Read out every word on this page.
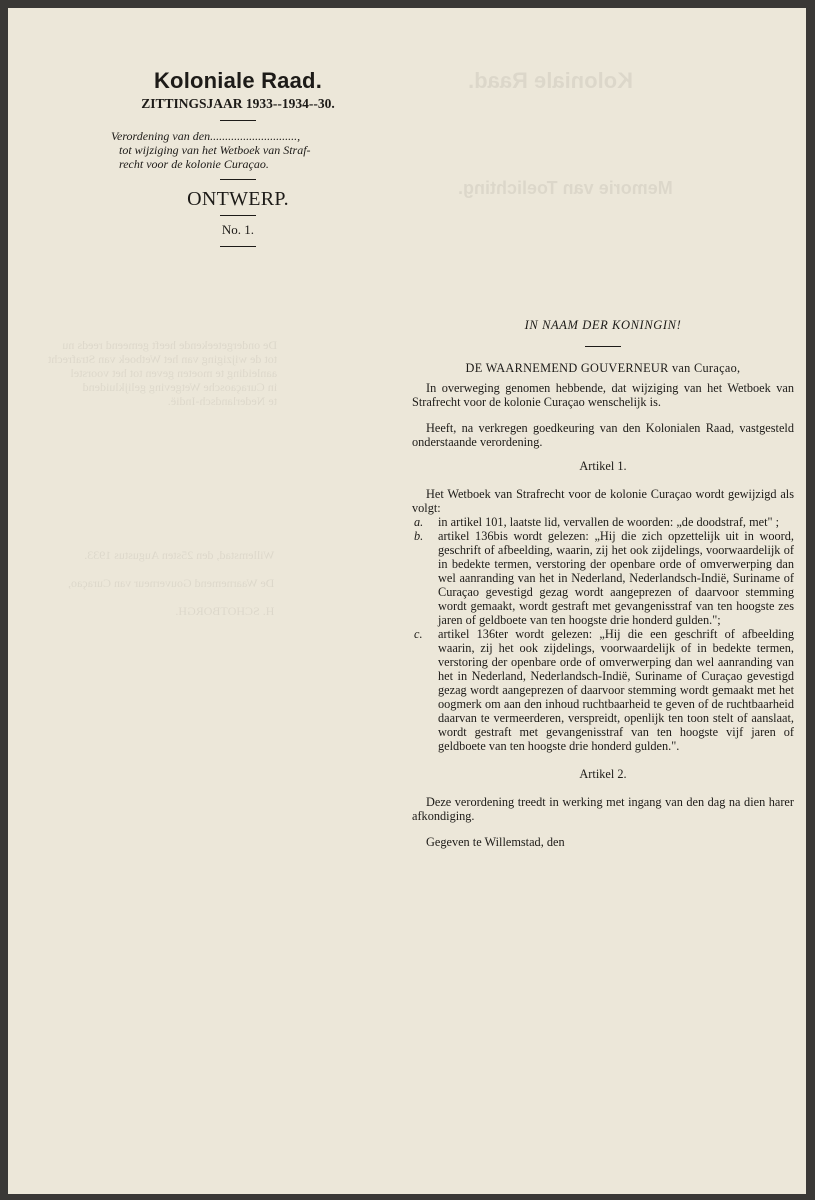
Koloniale Raad.
Memorie van Toelichting.
De ondergeteekende heeft gemeend reeds nu
tot de wijziging van het Wetboek van Strafrecht
aanleiding te moeten geven tot het voorstel
in Curaçaosche Wetgeving gelijkluidend
te Nederlandsch-Indië.
Willemstad, den 25sten Augustus 1933.

De Waarnemend Gouverneur van Curaçao,

H. SCHOTBORGH.
Koloniale Raad.
ZITTINGSJAAR 1933--1934--30.
Verordening van den.............................,
tot wijziging van het Wetboek van Straf-
recht voor de kolonie Curaçao.
ONTWERP.
No. 1.
IN NAAM DER KONINGIN!
DE WAARNEMEND GOUVERNEUR van Curaçao,
In overweging genomen hebbende, dat wijziging van het Wetboek van Strafrecht voor de kolonie Curaçao wenschelijk is.
Heeft, na verkregen goedkeuring van den Kolonialen Raad, vastgesteld onderstaande verordening.
Artikel 1.
Het Wetboek van Strafrecht voor de kolonie Curaçao wordt gewijzigd als volgt:
a.	in artikel 101, laatste lid, vervallen de woorden: „de doodstraf, met" ;
b.	artikel 136bis wordt gelezen: „Hij die zich opzettelijk uit in woord, geschrift of afbeelding, waarin, zij het ook zijdelings, voorwaardelijk of in bedekte termen, verstoring der openbare orde of omverwerping dan wel aanranding van het in Nederland, Nederlandsch-Indië, Suriname of Curaçao gevestigd gezag wordt aangeprezen of daarvoor stemming wordt gemaakt, wordt gestraft met gevangenisstraf van ten hoogste zes jaren of geldboete van ten hoogste drie honderd gulden.";
c.	artikel 136ter wordt gelezen: „Hij die een geschrift of afbeelding waarin, zij het ook zijdelings, voorwaardelijk of in bedekte termen, verstoring der openbare orde of omverwerping dan wel aanranding van het in Nederland, Nederlandsch-Indië, Suriname of Curaçao gevestigd gezag wordt aangeprezen of daarvoor stemming wordt gemaakt met het oogmerk om aan den inhoud ruchtbaarheid te geven of de ruchtbaarheid daarvan te vermeerderen, verspreidt, openlijk ten toon stelt of aanslaat, wordt gestraft met gevangenisstraf van ten hoogste vijf jaren of geldboete van ten hoogste drie honderd gulden.".
Artikel 2.
Deze verordening treedt in werking met ingang van den dag na dien harer afkondiging.
Gegeven te Willemstad, den
